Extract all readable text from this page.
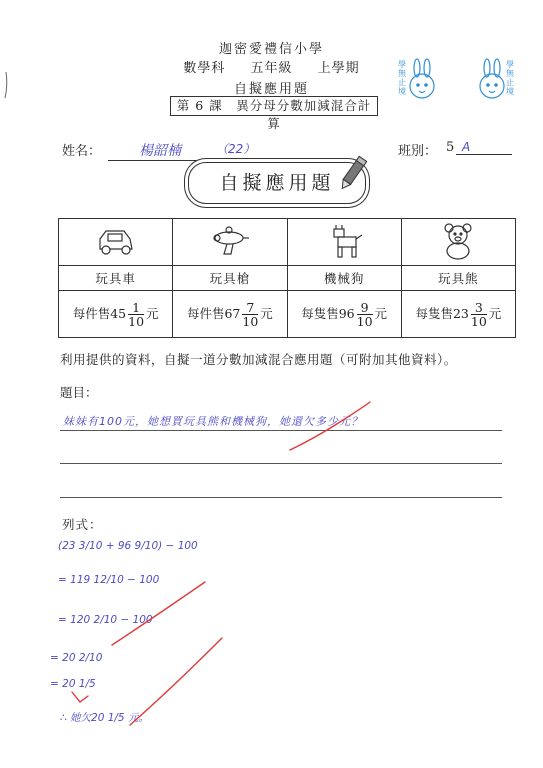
迦密愛禮信小學
數學科 五年級 上學期
自擬應用題
第 6 課　異分母分數加減混合計算
學無止境
學無止境
姓名：	楊韶楠	（22）	班別： 5 A
自擬應用題

玩具車	玩具槍	機械狗	玩具熊
每件售$45 \frac{1}{10}$ 元	每件售$67 \frac{7}{10}$ 元	每隻售$96 \frac{9}{10}$ 元	每隻售$23 \frac{3}{10}$ 元
利用提供的資料，自擬一道分數加減混合應用題（可附加其他資料）。
題目：
妹妹有100元，她想買玩具熊和機械狗，她還欠多少元？
列式：
(23 3/10 + 96 9/10) − 100
= 119 12/10 − 100
= 120 2/10 − 100
= 20 2/10
= 20 1/5
∴ 她欠20 1/5 元。
